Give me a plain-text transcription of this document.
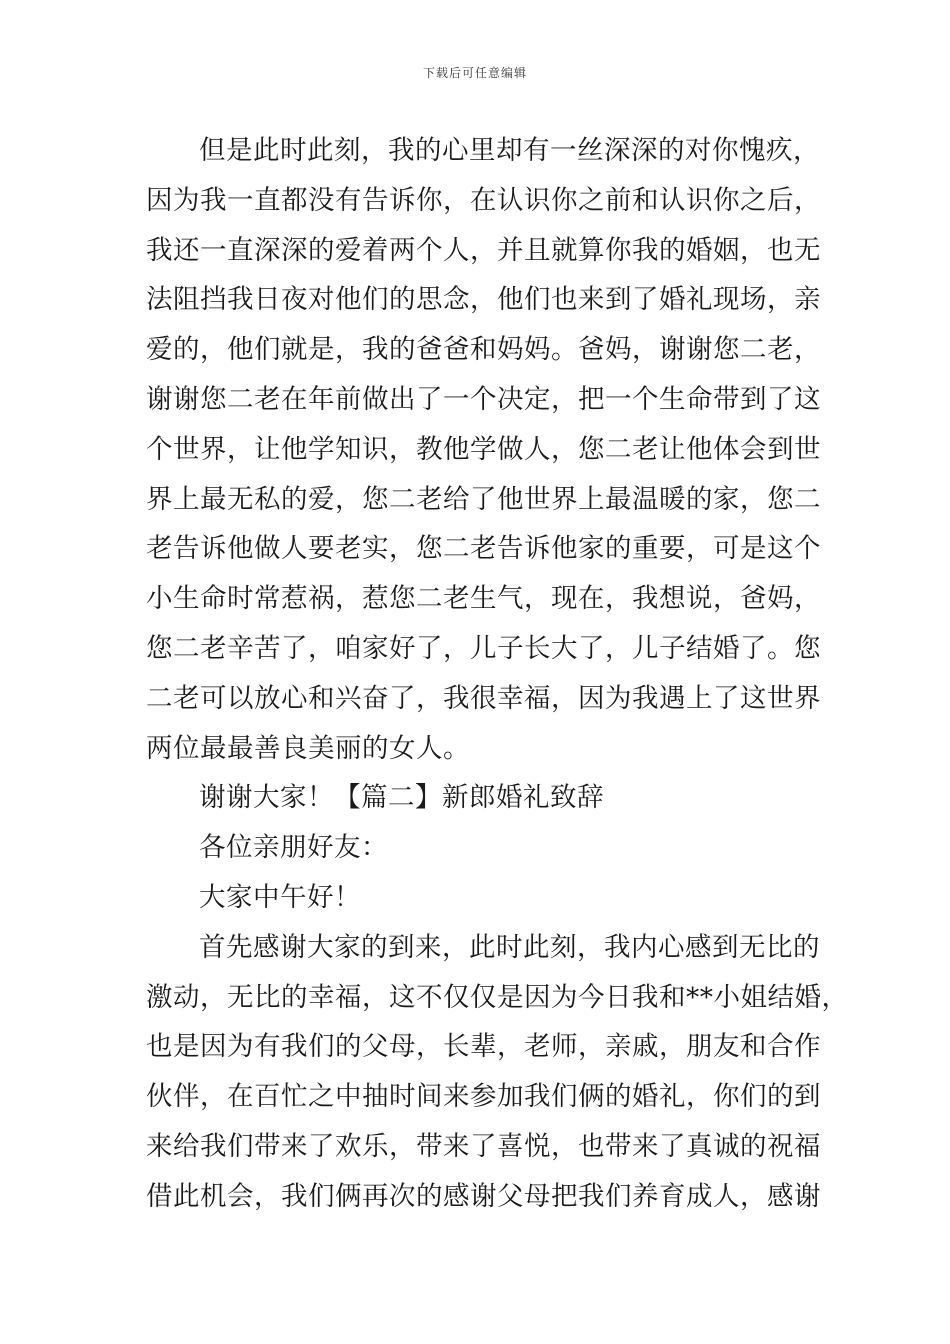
下载后可任意编辑
但是此时此刻，我的心里却有一丝深深的对你愧疚，
因为我一直都没有告诉你，在认识你之前和认识你之后，
我还一直深深的爱着两个人，并且就算你我的婚姻，也无
法阻挡我日夜对他们的思念，他们也来到了婚礼现场，亲
爱的，他们就是，我的爸爸和妈妈。爸妈，谢谢您二老，
谢谢您二老在年前做出了一个决定，把一个生命带到了这
个世界，让他学知识，教他学做人，您二老让他体会到世
界上最无私的爱，您二老给了他世界上最温暖的家，您二
老告诉他做人要老实，您二老告诉他家的重要，可是这个
小生命时常惹祸，惹您二老生气，现在，我想说，爸妈，
您二老辛苦了，咱家好了，儿子长大了，儿子结婚了。您
二老可以放心和兴奋了，我很幸福，因为我遇上了这世界
两位最最善良美丽的女人。
谢谢大家！【篇二】新郎婚礼致辞
各位亲朋好友：
大家中午好！
首先感谢大家的到来，此时此刻，我内心感到无比的
激动，无比的幸福，这不仅仅是因为今日我和**小姐结婚，
也是因为有我们的父母，长辈，老师，亲戚，朋友和合作
伙伴，在百忙之中抽时间来参加我们俩的婚礼，你们的到
来给我们带来了欢乐，带来了喜悦，也带来了真诚的祝福
借此机会，我们俩再次的感谢父母把我们养育成人，感谢
